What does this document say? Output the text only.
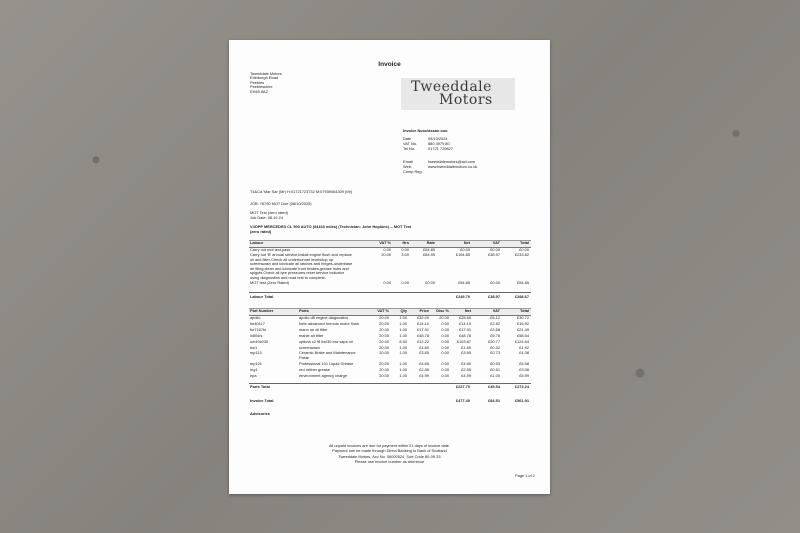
Invoice
Tweeddale Motors
Edinburgh Road
Peebles
Peeblesshire
EH45 8AZ	Tweeddale
Motors
Invoice Nooclassan ooo
Date	09/10/2024
VAT No.	880 4979 80
Tel No.	01721 720827
Email	tweeddalemotors@aol.com
Web.	www.tweeddalemotors.co.uk
Comp Reg.
T4&Ca 'Mar Sar (Mr) H:01721723732 M:07939064309 (Mr)
JOB: 76790 MOT Due (08/10/2025)
MOT Test (zero rated)
Job Date: 08.10.24
V4OPP MERCEDES CL 500 AUTO (84160 miles) (Technician: John Hopkins) -- MOT Test
(zero rated)
Labour	VAT %	Hrs	Rate	Net	VAT	Total
Carry out mot test,pass	0.00	0.00	£54.85	£0.00	£0.00	£0.00
Carry out 'B' annual service,install engine flush and replace
oil and filter-Check all underbonnet levels/top up
screenwash and lubricate all latches and hinges-underbase
de filing,clean and lubricate front brakes,grease hubs and
spigots.Check all tyre pressures,reset service indicator
using diagnostics and road test to complete.
20.00	3.00	£64.95	£194.85	£38.97	£233.82
MOT test (Zero Rated)	0.00	0.00	£0.00	£54.85	£0.00	£54.85
Labour Total	£249.70	£38.97	£288.67
Part Number	Parts	VAT %	Qty	Price	Disc %	Net	VAT	Total
apollo	apollo d8 engine diagnostics	20.00	1.00	£32.00	20.00	£25.60	£5.12	£30.72
fsr40117	forte advanced formula motor flush	20.00	1.00	£14.10	0.00	£14.10	£2.82	£16.92
fsr7167kr	mann oe oil filter	20.00	1.00	£17.91	0.00	£17.91	£3.58	£21.49
lx804/s	mahle air filter	20.00	1.00	£48.78	0.00	£48.78	£9.76	£58.54
um40x030	optima c2 ltf 0w/30 low saps oil	20.00	8.50	£12.22	0.00	£103.87	£20.77	£124.64
bw1	screenwash	20.00	1.00	£1.60	0.00	£1.60	£0.32	£1.92
mp113	Ceramic Brake and Maintenance
Paste
20.00	1.00	£3.65	0.00	£3.65	£0.73	£4.38
mp101	Professional 101 Liquid Grease	20.00	1.00	£4.65	0.00	£4.65	£0.93	£5.58
mg1	red rubber grease	20.00	1.00	£2.55	0.00	£2.55	£0.51	£3.06
epa	environment agency charge	20.00	1.00	£4.99	0.00	£4.99	£1.00	£5.99
Parts Total	£227.70	£45.54	£273.24
Invoice Total	£477.40	£84.51	£561.91
Advisories
All unpaid invoices are due for payment within 21 days of invoice date.
Payment can be made through Direct Banking to Bank of Scotland
Tweeddale Motors, Acc No. 06000524, Sort Code 80-09-33
Please use invoice number as reference
Page 1 of 2
